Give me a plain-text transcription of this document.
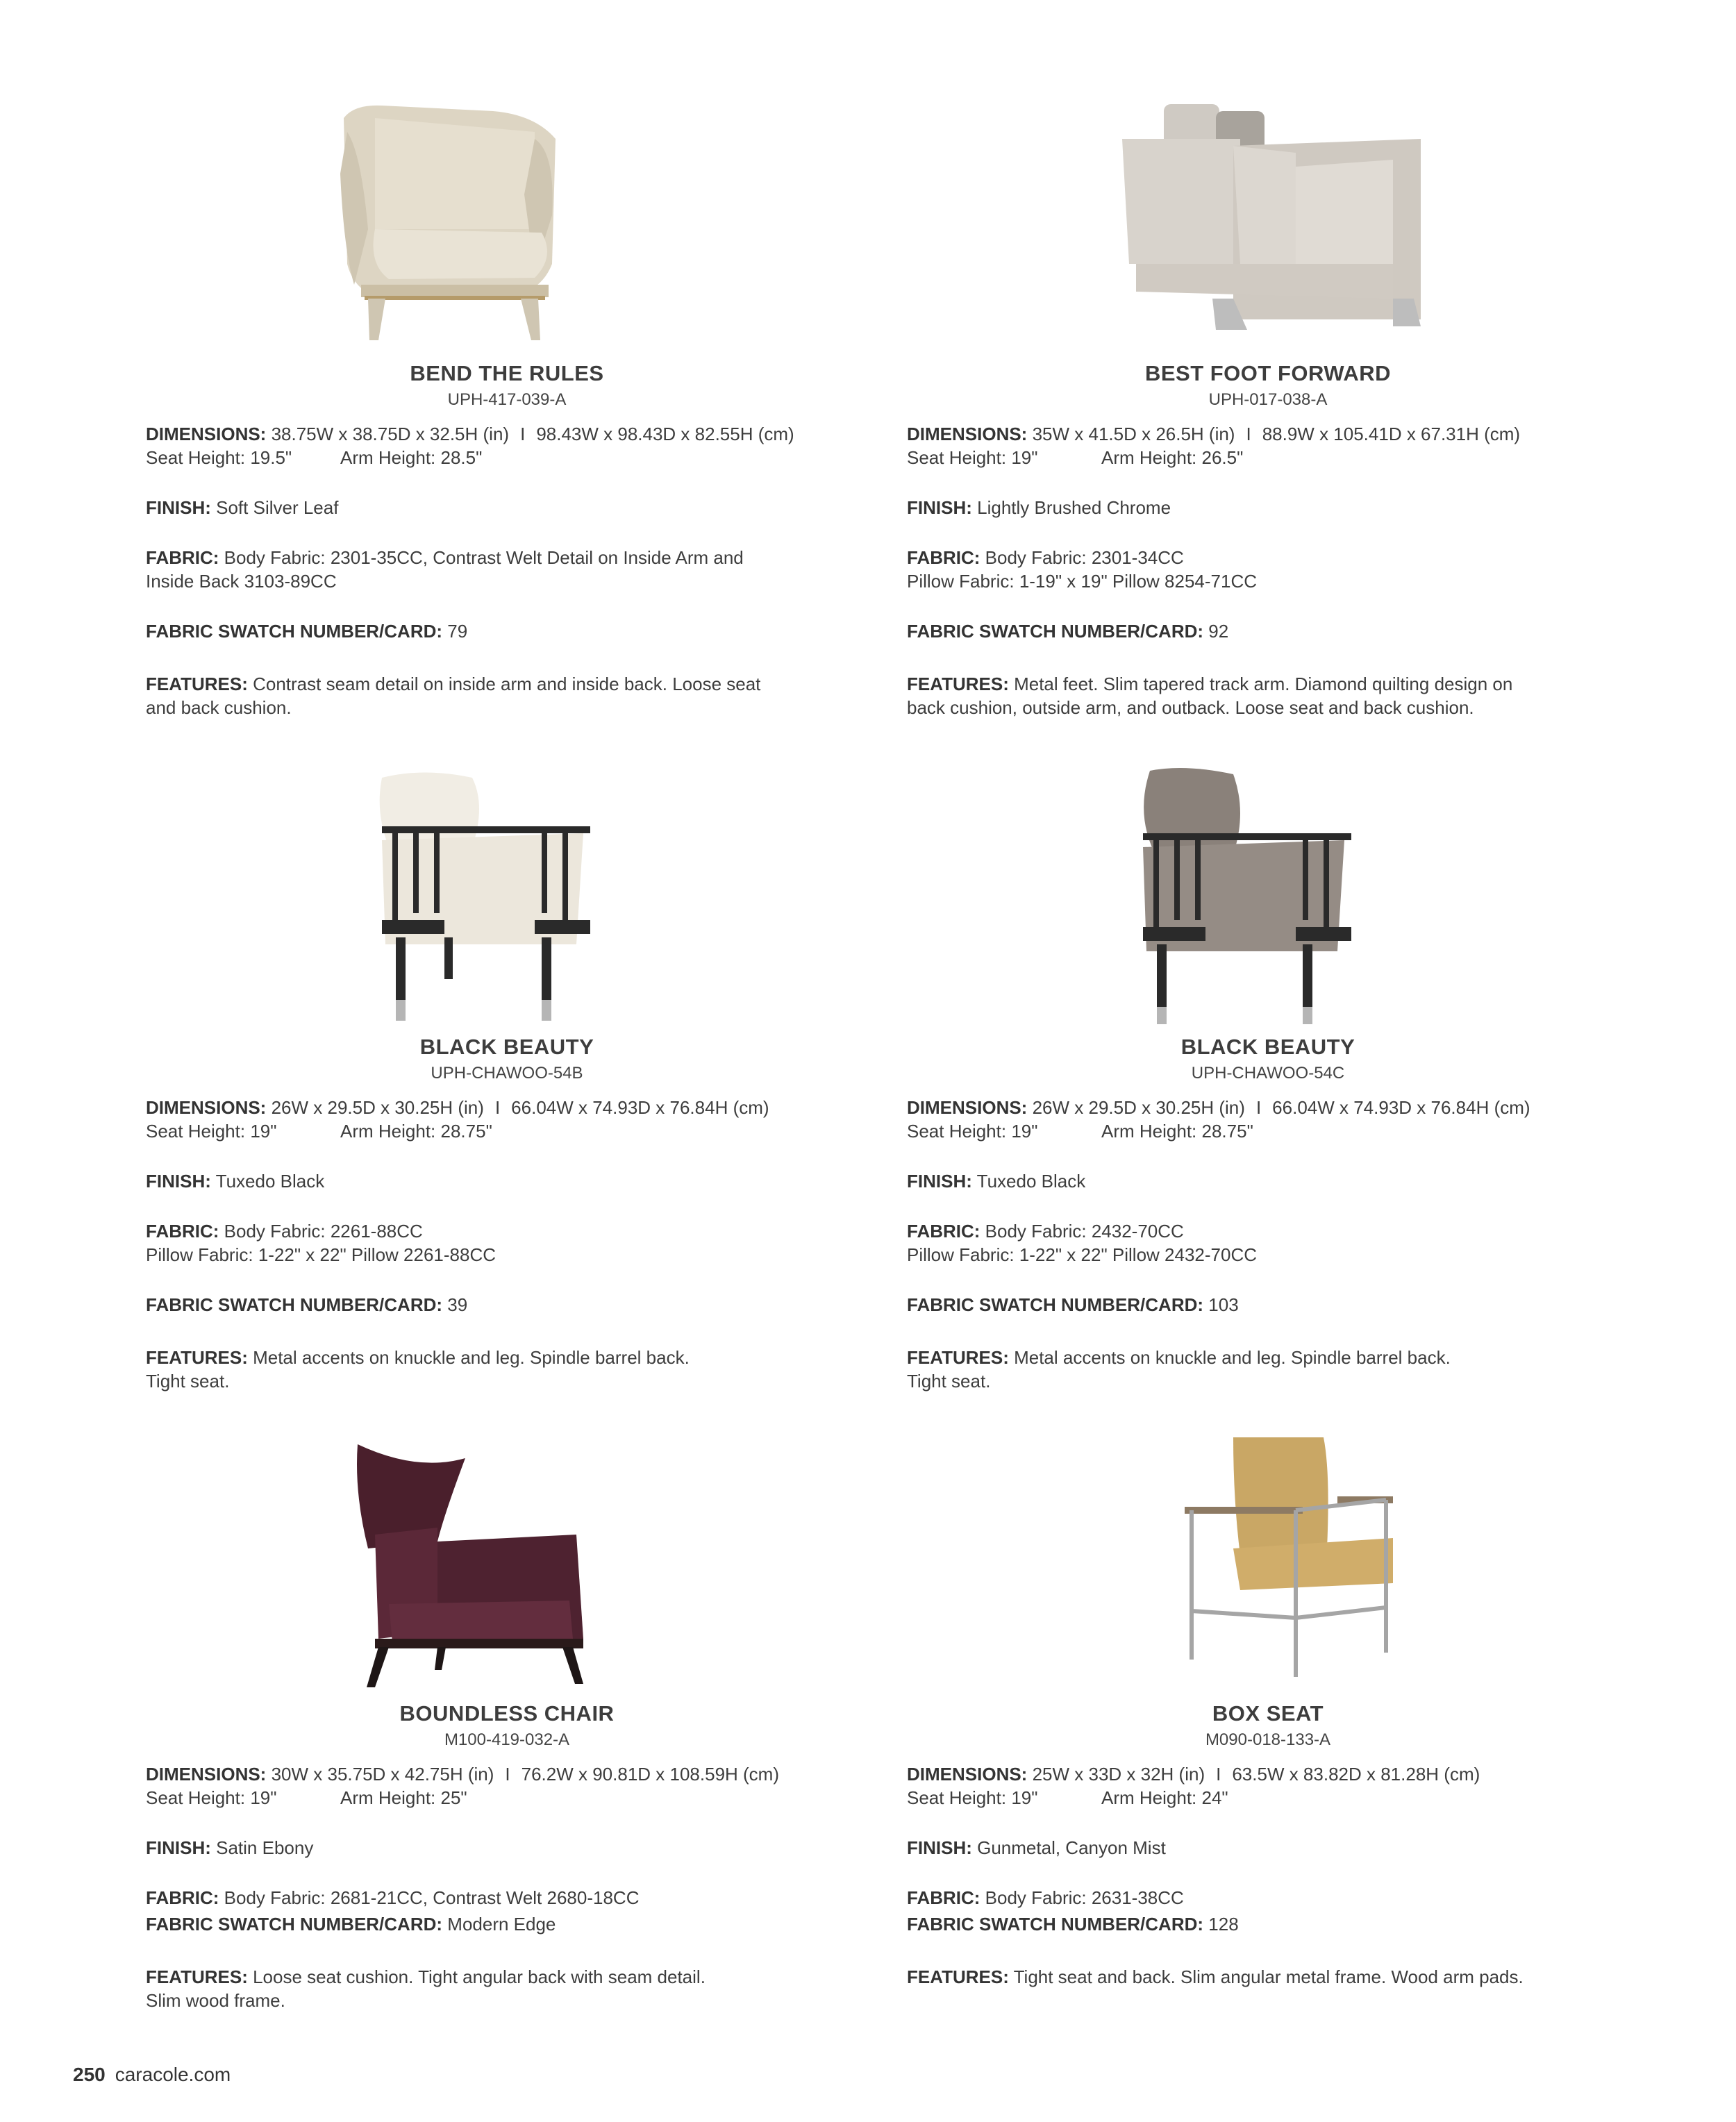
BEND THE RULES
UPH-417-039-A
DIMENSIONS: 38.75W x 38.75D x 32.5H (in) I 98.43W x 98.43D x 82.55H (cm)
Seat Height: 19.5"	Arm Height: 28.5"
FINISH: Soft Silver Leaf
FABRIC: Body Fabric: 2301-35CC, Contrast Welt Detail on Inside Arm and
Inside Back 3103-89CC
FABRIC SWATCH NUMBER/CARD: 79
FEATURES: Contrast seam detail on inside arm and inside back. Loose seat
and back cushion.
BEST FOOT FORWARD
UPH-017-038-A
DIMENSIONS: 35W x 41.5D x 26.5H (in) I 88.9W x 105.41D x 67.31H (cm)
Seat Height: 19"	Arm Height: 26.5"
FINISH: Lightly Brushed Chrome
FABRIC: Body Fabric: 2301-34CC
Pillow Fabric: 1-19" x 19" Pillow 8254-71CC
FABRIC SWATCH NUMBER/CARD: 92
FEATURES: Metal feet. Slim tapered track arm. Diamond quilting design on
back cushion, outside arm, and outback. Loose seat and back cushion.
BLACK BEAUTY
UPH-CHAWOO-54B
DIMENSIONS: 26W x 29.5D x 30.25H (in) I 66.04W x 74.93D x 76.84H (cm)
Seat Height: 19"	Arm Height: 28.75"
FINISH: Tuxedo Black
FABRIC: Body Fabric: 2261-88CC
Pillow Fabric: 1-22" x 22" Pillow 2261-88CC
FABRIC SWATCH NUMBER/CARD: 39
FEATURES: Metal accents on knuckle and leg. Spindle barrel back.
Tight seat.
BLACK BEAUTY
UPH-CHAWOO-54C
DIMENSIONS: 26W x 29.5D x 30.25H (in) I 66.04W x 74.93D x 76.84H (cm)
Seat Height: 19"	Arm Height: 28.75"
FINISH: Tuxedo Black
FABRIC: Body Fabric: 2432-70CC
Pillow Fabric: 1-22" x 22" Pillow 2432-70CC
FABRIC SWATCH NUMBER/CARD: 103
FEATURES: Metal accents on knuckle and leg. Spindle barrel back.
Tight seat.
BOUNDLESS CHAIR
M100-419-032-A
DIMENSIONS: 30W x 35.75D x 42.75H (in) I 76.2W x 90.81D x 108.59H (cm)
Seat Height: 19"	Arm Height: 25"
FINISH: Satin Ebony
FABRIC: Body Fabric: 2681-21CC, Contrast Welt 2680-18CC
FABRIC SWATCH NUMBER/CARD: Modern Edge
FEATURES: Loose seat cushion. Tight angular back with seam detail.
Slim wood frame.
BOX SEAT
M090-018-133-A
DIMENSIONS: 25W x 33D x 32H (in) I 63.5W x 83.82D x 81.28H (cm)
Seat Height: 19"	Arm Height: 24"
FINISH: Gunmetal, Canyon Mist
FABRIC: Body Fabric: 2631-38CC
FABRIC SWATCH NUMBER/CARD: 128
FEATURES: Tight seat and back. Slim angular metal frame. Wood arm pads.
250 caracole.com
